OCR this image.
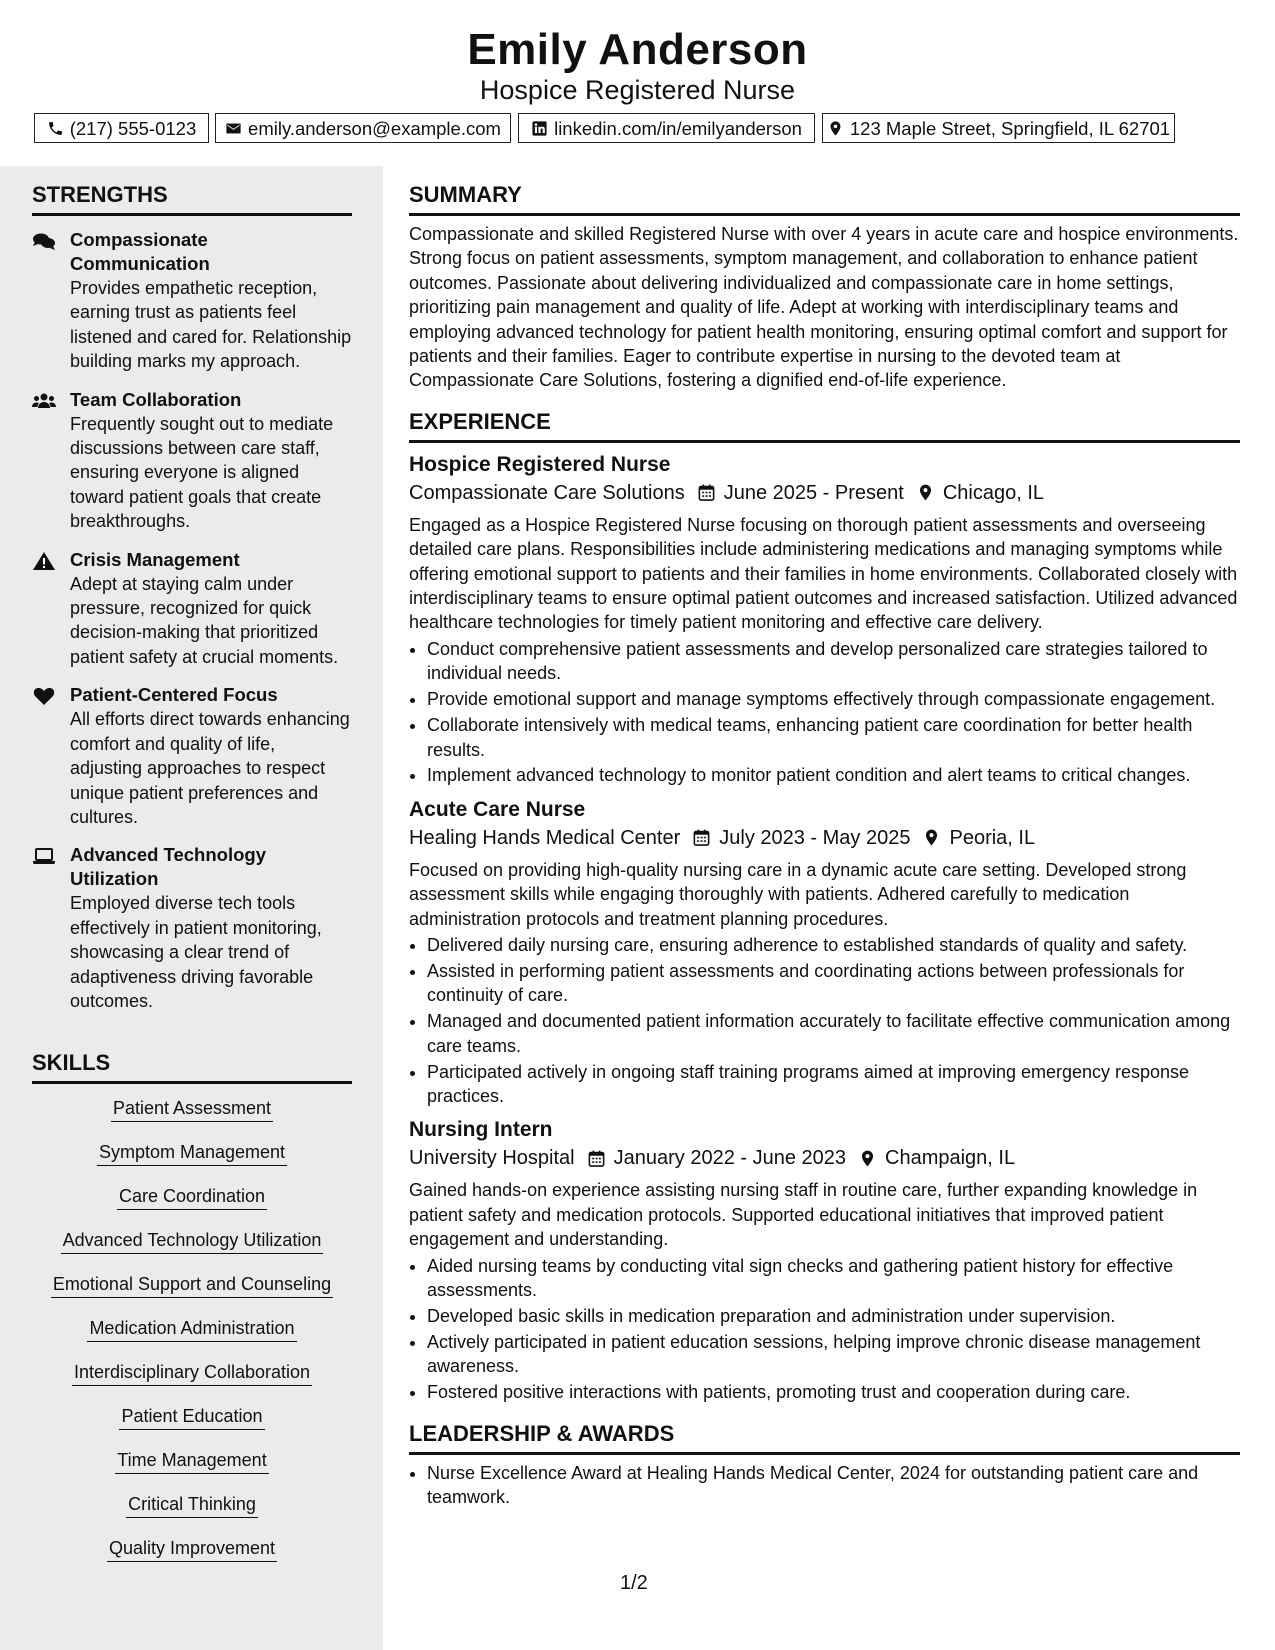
Emily Anderson
Hospice Registered Nurse
(217) 555-0123	emily.anderson@example.com	linkedin.com/in/emilyanderson	123 Maple Street, Springfield, IL 62701
STRENGTHS
Compassionate Communication
Provides empathetic reception, earning trust as patients feel listened and cared for. Relationship building marks my approach.
Team Collaboration
Frequently sought out to mediate discussions between care staff, ensuring everyone is aligned toward patient goals that create breakthroughs.
Crisis Management
Adept at staying calm under pressure, recognized for quick decision-making that prioritized patient safety at crucial moments.
Patient-Centered Focus
All efforts direct towards enhancing comfort and quality of life, adjusting approaches to respect unique patient preferences and cultures.
Advanced Technology Utilization
Employed diverse tech tools effectively in patient monitoring, showcasing a clear trend of adaptiveness driving favorable outcomes.
SKILLS
Patient Assessment
Symptom Management
Care Coordination
Advanced Technology Utilization
Emotional Support and Counseling
Medication Administration
Interdisciplinary Collaboration
Patient Education
Time Management
Critical Thinking
Quality Improvement
SUMMARY

Compassionate and skilled Registered Nurse with over 4 years in acute care and hospice environments. Strong focus on patient assessments, symptom management, and collaboration to enhance patient outcomes. Passionate about delivering individualized and compassionate care in home settings, prioritizing pain management and quality of life. Adept at working with interdisciplinary teams and employing advanced technology for patient health monitoring, ensuring optimal comfort and support for patients and their families. Eager to contribute expertise in nursing to the devoted team at Compassionate Care Solutions, fostering a dignified end-of-life experience.

EXPERIENCE
Hospice Registered Nurse
Compassionate Care Solutions June 2025 - Present Chicago, IL

Engaged as a Hospice Registered Nurse focusing on thorough patient assessments and overseeing detailed care plans. Responsibilities include administering medications and managing symptoms while offering emotional support to patients and their families in home environments. Collaborated closely with interdisciplinary teams to ensure optimal patient outcomes and increased satisfaction. Utilized advanced healthcare technologies for timely patient monitoring and effective care delivery.

• Conduct comprehensive patient assessments and develop personalized care strategies tailored to individual needs.
• Provide emotional support and manage symptoms effectively through compassionate engagement.
• Collaborate intensively with medical teams, enhancing patient care coordination for better health results.
• Implement advanced technology to monitor patient condition and alert teams to critical changes.
Acute Care Nurse
Healing Hands Medical Center July 2023 - May 2025 Peoria, IL

Focused on providing high-quality nursing care in a dynamic acute care setting. Developed strong assessment skills while engaging thoroughly with patients. Adhered carefully to medication administration protocols and treatment planning procedures.

• Delivered daily nursing care, ensuring adherence to established standards of quality and safety.
• Assisted in performing patient assessments and coordinating actions between professionals for continuity of care.
• Managed and documented patient information accurately to facilitate effective communication among care teams.
• Participated actively in ongoing staff training programs aimed at improving emergency response practices.
Nursing Intern
University Hospital January 2022 - June 2023 Champaign, IL

Gained hands-on experience assisting nursing staff in routine care, further expanding knowledge in patient safety and medication protocols. Supported educational initiatives that improved patient engagement and understanding.

• Aided nursing teams by conducting vital sign checks and gathering patient history for effective assessments.
• Developed basic skills in medication preparation and administration under supervision.
• Actively participated in patient education sessions, helping improve chronic disease management awareness.
• Fostered positive interactions with patients, promoting trust and cooperation during care.
LEADERSHIP & AWARDS
• Nurse Excellence Award at Healing Hands Medical Center, 2024 for outstanding patient care and teamwork.
1/2
